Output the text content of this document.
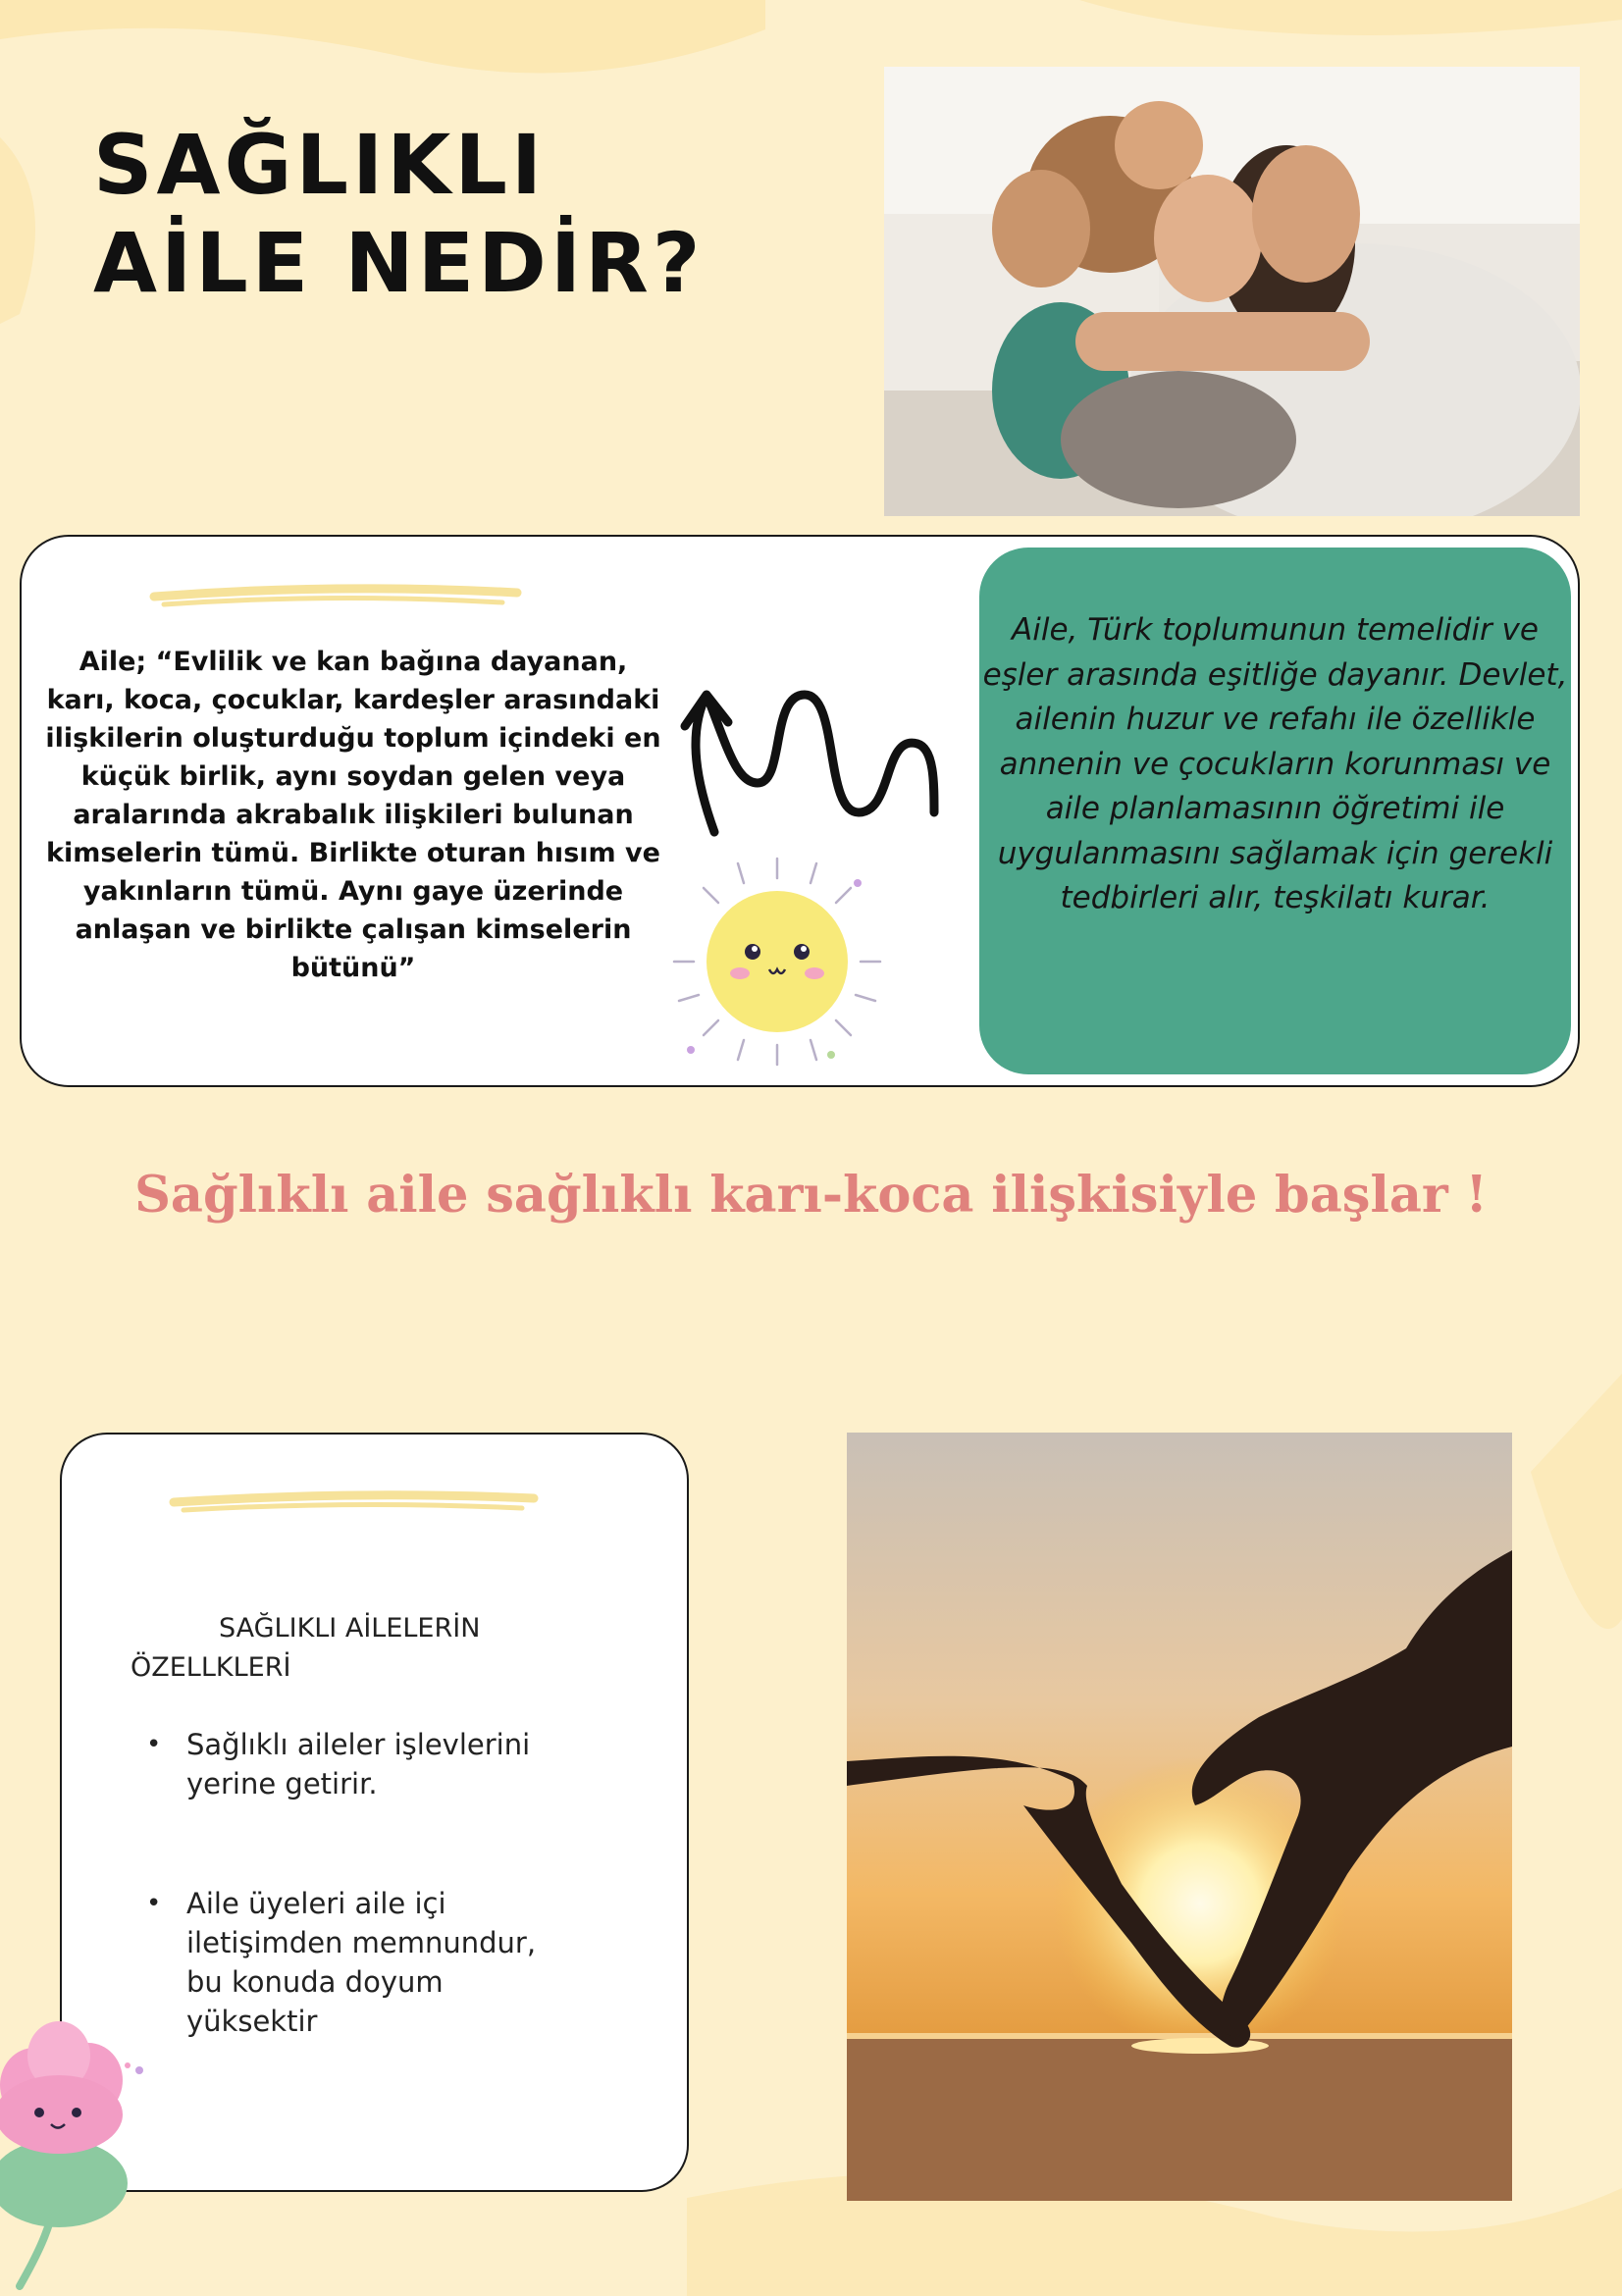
SAĞLIKLI
AİLE NEDİR?

Aile; “Evlilik ve kan bağına dayanan, karı, koca, çocuklar, kardeşler arasındaki ilişkilerin oluşturduğu toplum içindeki en küçük birlik, aynı soydan gelen veya aralarında akrabalık ilişkileri bulunan kimselerin tümü. Birlikte oturan hısım ve yakınların tümü. Aynı gaye üzerinde anlaşan ve birlikte çalışan kimselerin bütünü”

Aile, Türk toplumunun temelidir ve eşler arasında eşitliğe dayanır. Devlet, ailenin huzur ve refahı ile özellikle annenin ve çocukların korunması ve aile planlamasının öğretimi ile uygulanmasını sağlamak için gerekli tedbirleri alır, teşkilatı kurar.

Sağlıklı aile sağlıklı karı-koca ilişkisiyle başlar !

SAĞLIKLI AİLELERİN ÖZELLKLERİ

• Sağlıklı aileler işlevlerini yerine getirir.
• Aile üyeleri aile içi iletişimden memnundur, bu konuda doyum yüksektir
